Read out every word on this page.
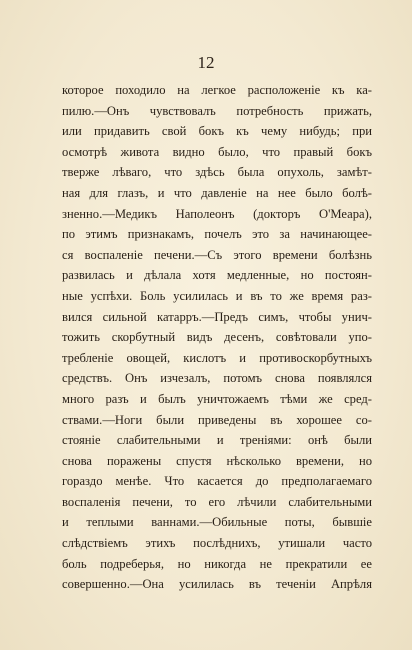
12
которое походило на легкое расположеніе къ ка-
пилю.—Онъ чувствовалъ потребность прижать,
или придавить свой бокъ къ чему нибудь; при
осмотрѣ живота видно было, что правый бокъ
тверже лѣваго, что здѣсь была опухоль, замѣт-
ная для глазъ, и что давленіе на нее было болѣ-
зненно.—Медикъ Наполеонъ (докторъ О'Меара),
по этимъ признакамъ, почелъ это за начинающее-
ся воспаленіе печени.—Съ этого времени болѣзнь
развилась и дѣлала хотя медленные, но постоян-
ные успѣхи. Боль усилилась и въ то же время раз-
вился сильной катарръ.—Предъ симъ, чтобы унич-
тожить скорбутный видъ десенъ, совѣтовали упо-
требленіе овощей, кислотъ и противоскорбутныхъ
средствъ. Онъ изчезалъ, потомъ снова появлялся
много разъ и былъ уничтожаемъ тѣми же сред-
ствами.—Ноги были приведены въ хорошее со-
стояніе слабительными и треніями: онѣ были
снова поражены спустя нѣсколько времени, но
гораздо менѣе. Что касается до предполагаемаго
воспаленія печени, то его лѣчили слабительными
и теплыми ваннами.—Обильные поты, бывшіе
слѣдствіемъ этихъ послѣднихъ, утишали часто
боль подреберья, но никогда не прекратили ее
совершенно.—Она усилилась въ теченіи Апрѣля
